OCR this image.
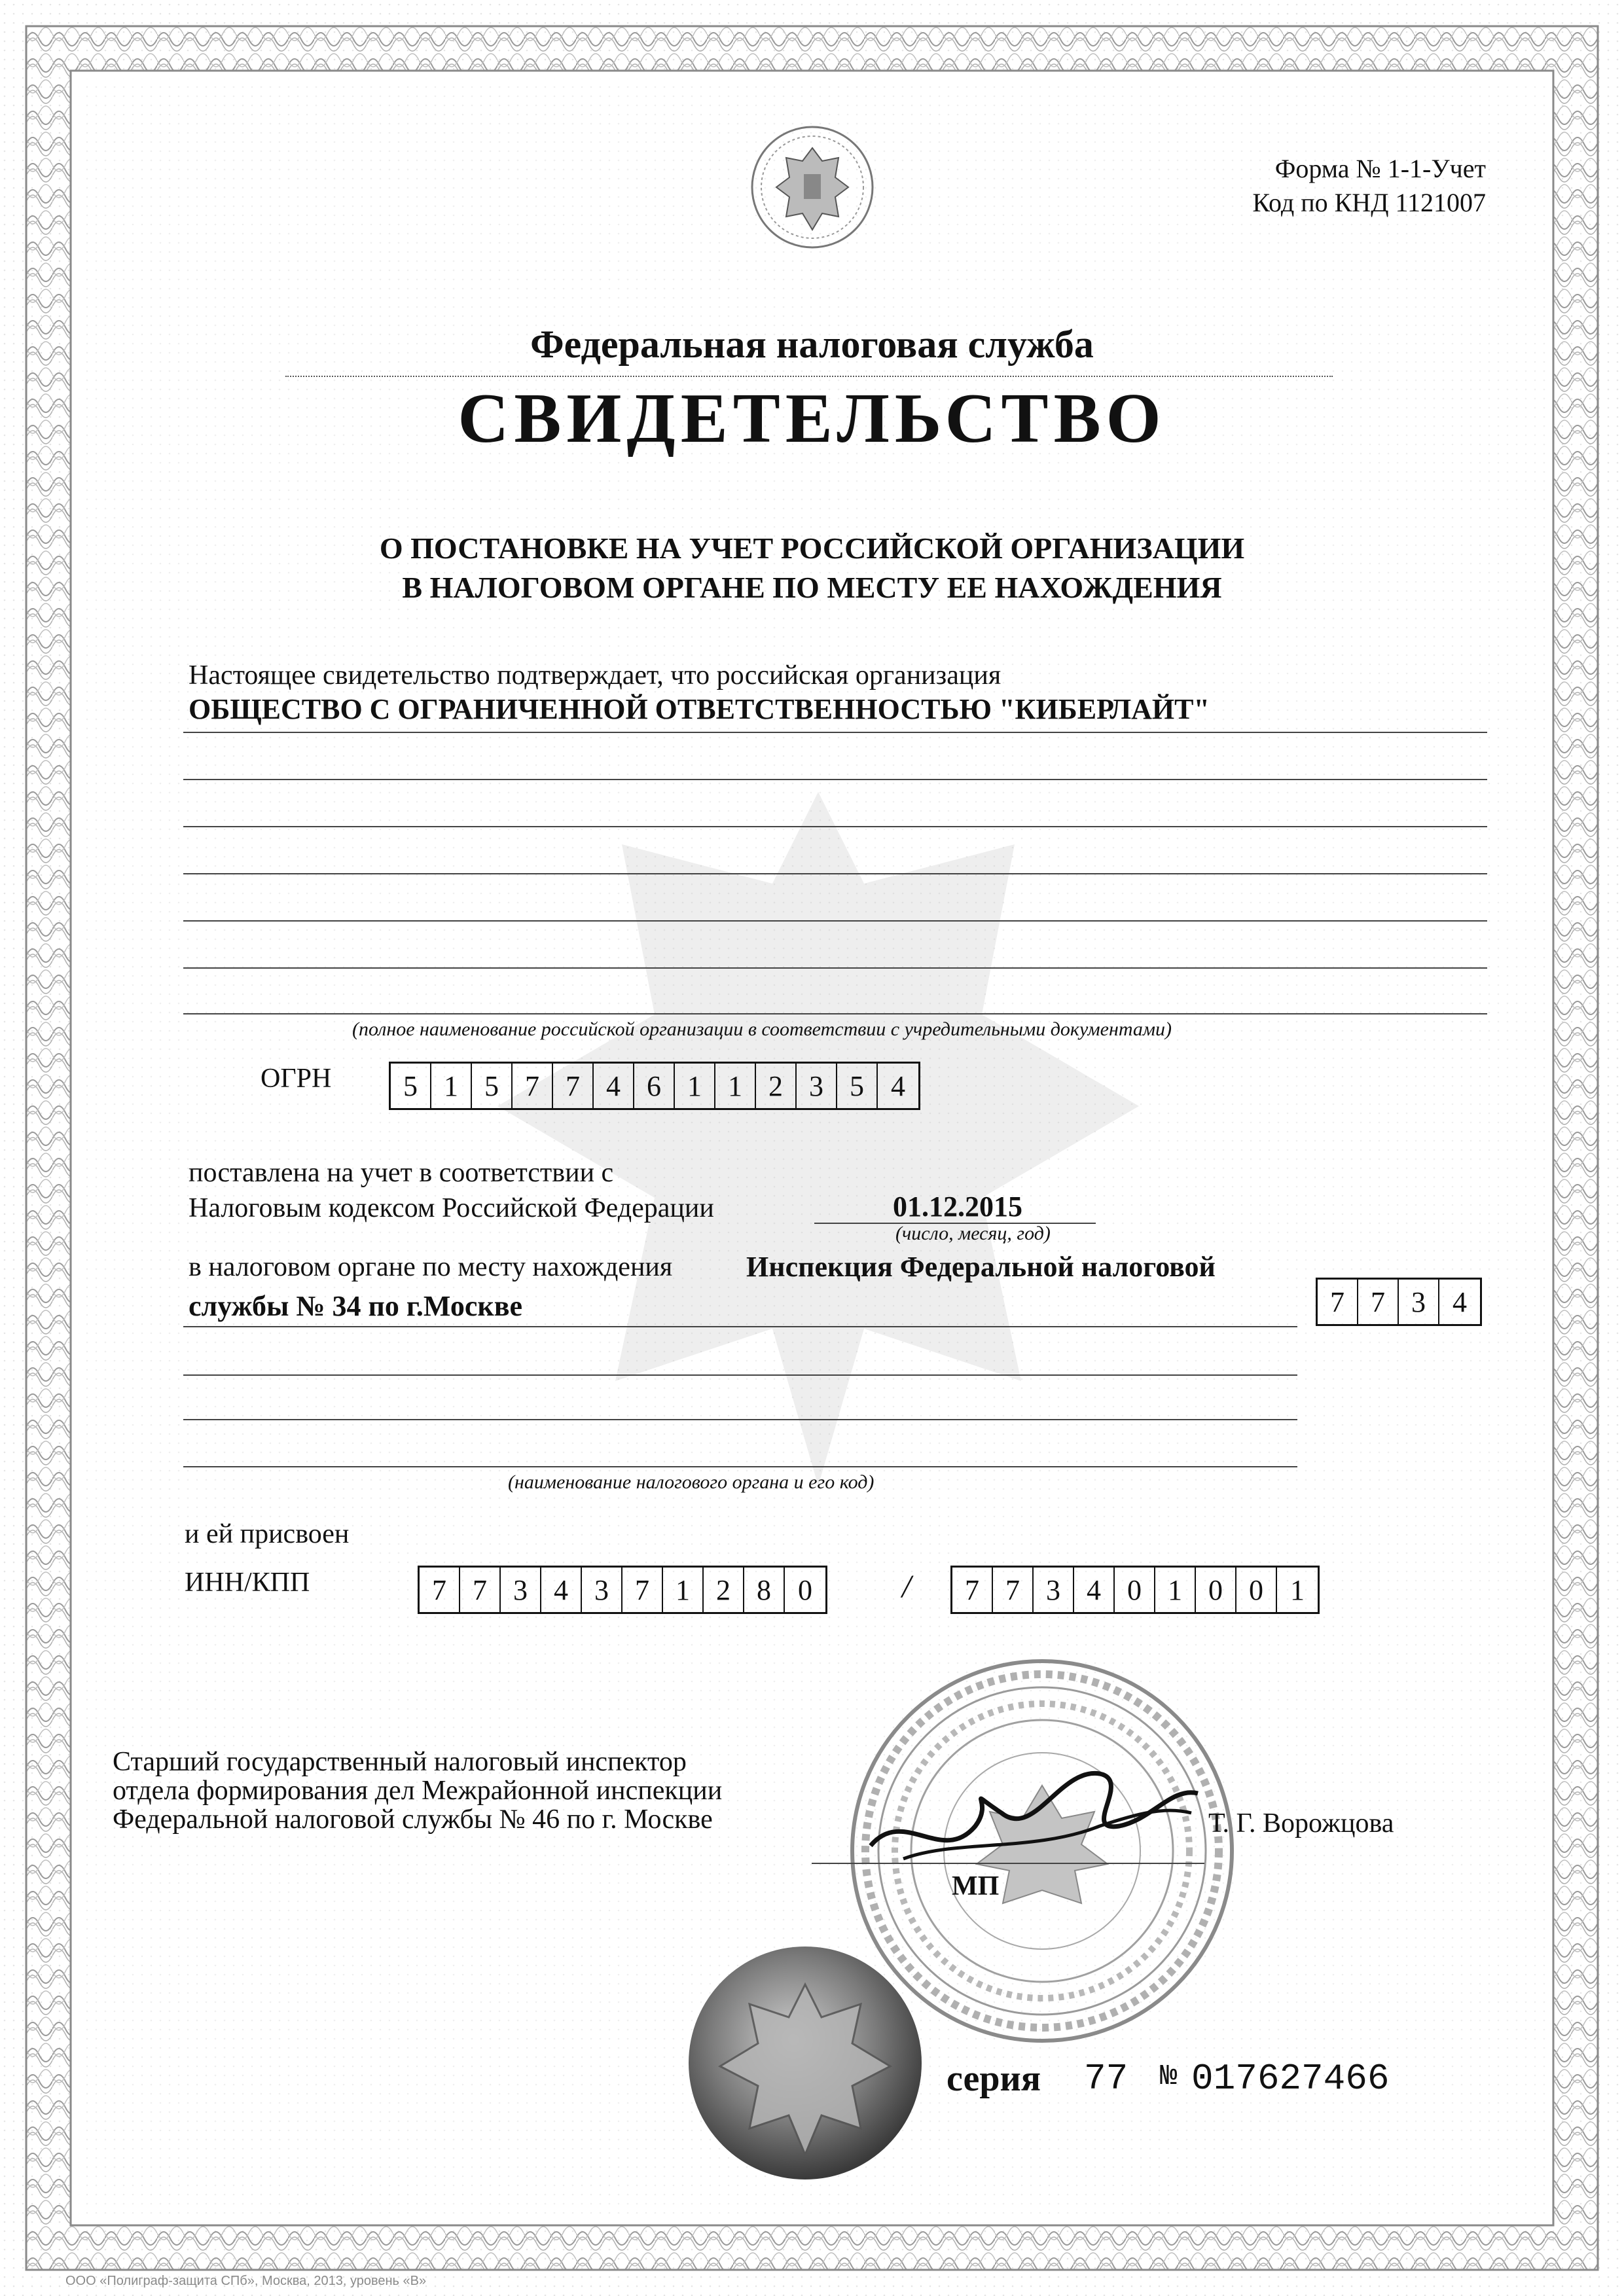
Форма № 1-1-Учет
Код по КНД 1121007
Федеральная налоговая служба
СВИДЕТЕЛЬСТВО
О ПОСТАНОВКЕ НА УЧЕТ РОССИЙСКОЙ ОРГАНИЗАЦИИ
В НАЛОГОВОМ ОРГАНЕ ПО МЕСТУ ЕЕ НАХОЖДЕНИЯ
Настоящее свидетельство подтверждает, что российская организация
ОБЩЕСТВО С ОГРАНИЧЕННОЙ ОТВЕТСТВЕННОСТЬЮ "КИБЕРЛАЙТ"
(полное наименование российской организации в соответствии с учредительными документами)
ОГРН	5 1 5 7 7 4 6 1 1 2 3 5 4
поставлена на учет в соответствии с
Налоговым кодексом Российской Федерации	01.12.2015
(число, месяц, год)
в налоговом органе по месту нахождения	Инспекция Федеральной налоговой
службы № 34 по г.Москве	7 7 3 4
(наименование налогового органа и его код)
и ей присвоен
ИНН/КПП	7 7 3 4 3 7 1 2 8 0	/	7 7 3 4 0 1 0 0 1
Старший государственный налоговый инспектор
отдела формирования дел Межрайонной инспекции
Федеральной налоговой службы № 46 по г. Москве	Т. Г. Ворожцова
МП
серия 77 № 017627466
ООО «Полиграф-защита СПб», Москва, 2013, уровень «В»
